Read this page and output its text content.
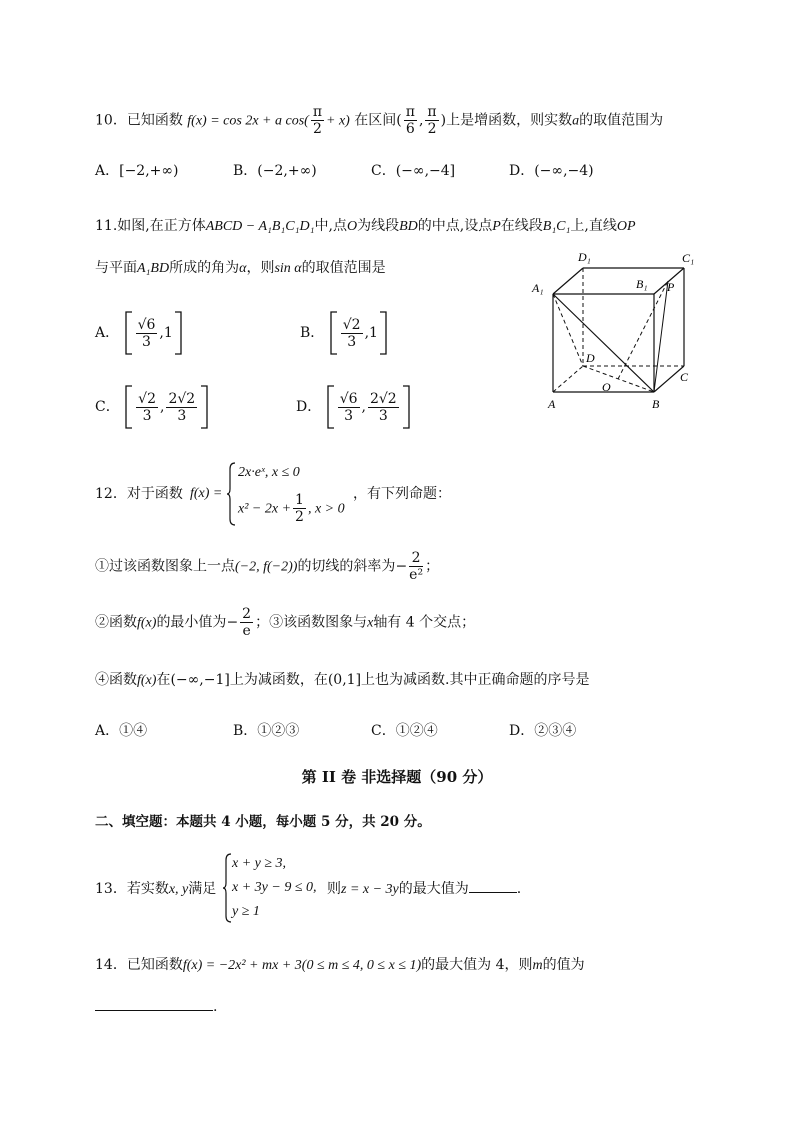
10．已知函数 f(x) = cos 2x + a $\cos( \frac{\pi}{2} + x)$ 在区间( $\frac{\pi}{6}$ , $\frac{\pi}{2}$ )上是增函数，则实数a的取值范围为
A．[−2,+∞)	B．(−2,+∞)	C．(−∞,−4]	D．(−∞,−4)
11.如图,在正方体ABCD − A₁B₁C₁D₁中,点O为线段BD的中点,设点P在线段B₁C₁上,直线OP
与平面A₁BD所成的角为α，则sin α的取值范围是
A． $\frac{√6}{3} ,1$	B． $\frac{√2}{3} ,1$
C． $\frac{√2}{3}$ , $\frac{2√2}{3}$	D． $\frac{√6}{3}$ , $\frac{2√2}{3}$
D₁	C₁
A₁	B₁ P
D
C
O
A	B
12．对于函数 f(x) =
2x·eˣ, x ≤ 0
$x^2 - 2x + \frac{1}{2}$ , x > 0
，有下列命题：
①过该函数图象上一点(−2, f(−2))的切线的斜率为− $\frac{2}{\text{e²}}$ ；
②函数f(x)的最小值为− $\frac{2}{e}$ ；③该函数图象与x轴有 4 个交点；
④函数f(x)在(−∞,−1]上为减函数，在(0,1]上也为减函数.其中正确命题的序号是
A．①④	B．①②③	C．①②④	D．②③④
第 II 卷 非选择题（90 分）
二、填空题：本题共 4 小题，每小题 5 分，共 20 分。
13．若实数x, y满足
x + y ≥ 3,
x + 3y − 9 ≤ 0,
y ≥ 1
则z = x − 3y的最大值为	.
14．已知函数f(x) = −2x² + mx + 3(0 ≤ m ≤ 4, 0 ≤ x ≤ 1)的最大值为 4，则m的值为
.
